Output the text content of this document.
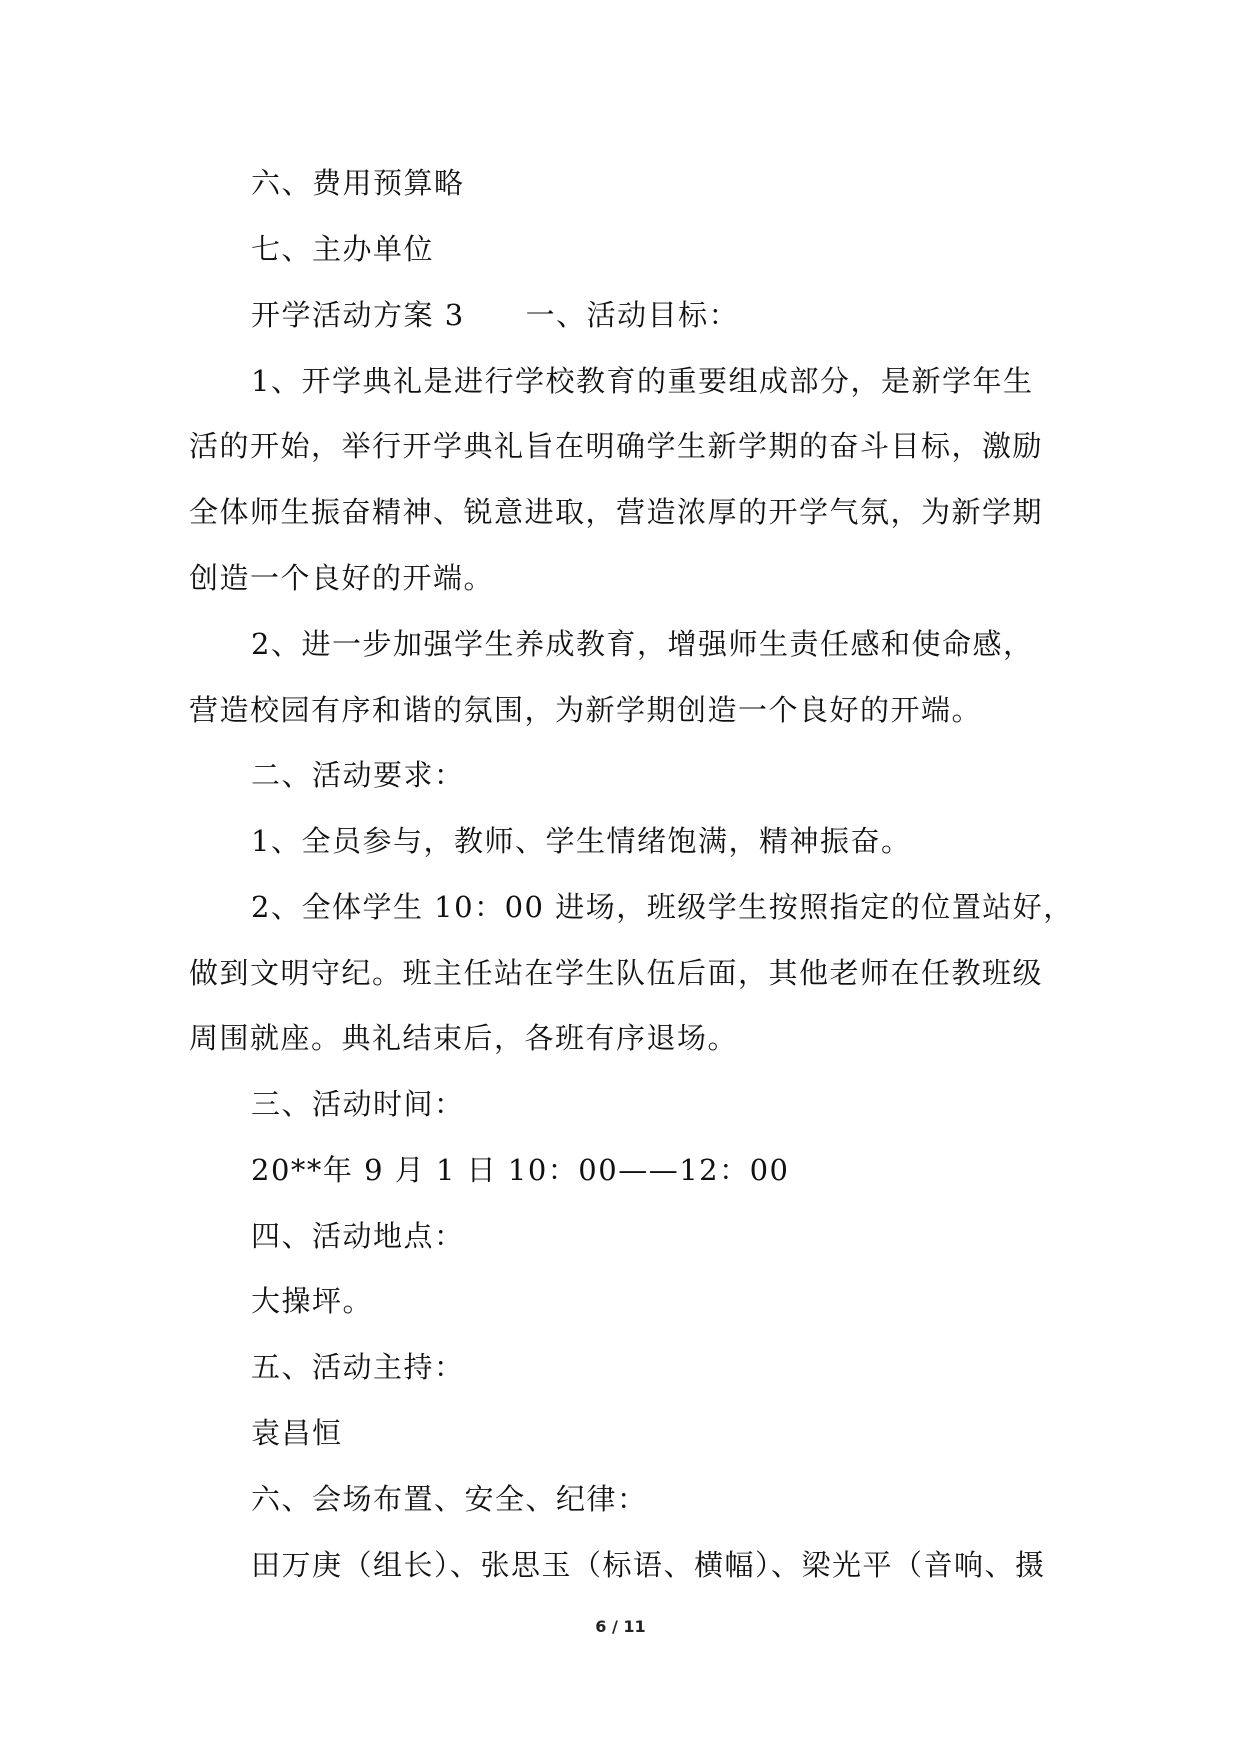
六、费用预算略
七、主办单位
开学活动方案 3　　一、活动目标：
1、开学典礼是进行学校教育的重要组成部分，是新学年生
活的开始，举行开学典礼旨在明确学生新学期的奋斗目标，激励
全体师生振奋精神、锐意进取，营造浓厚的开学气氛，为新学期
创造一个良好的开端。
2、进一步加强学生养成教育，增强师生责任感和使命感，
营造校园有序和谐的氛围，为新学期创造一个良好的开端。
二、活动要求：
1、全员参与，教师、学生情绪饱满，精神振奋。
2、全体学生 10：00 进场，班级学生按照指定的位置站好，
做到文明守纪。班主任站在学生队伍后面，其他老师在任教班级
周围就座。典礼结束后，各班有序退场。
三、活动时间：
20**年 9 月 1 日 10：00——12：00
四、活动地点：
大操坪。
五、活动主持：
袁昌恒
六、会场布置、安全、纪律：
田万庚（组长）、张思玉（标语、横幅）、梁光平（音响、摄
6 / 11
